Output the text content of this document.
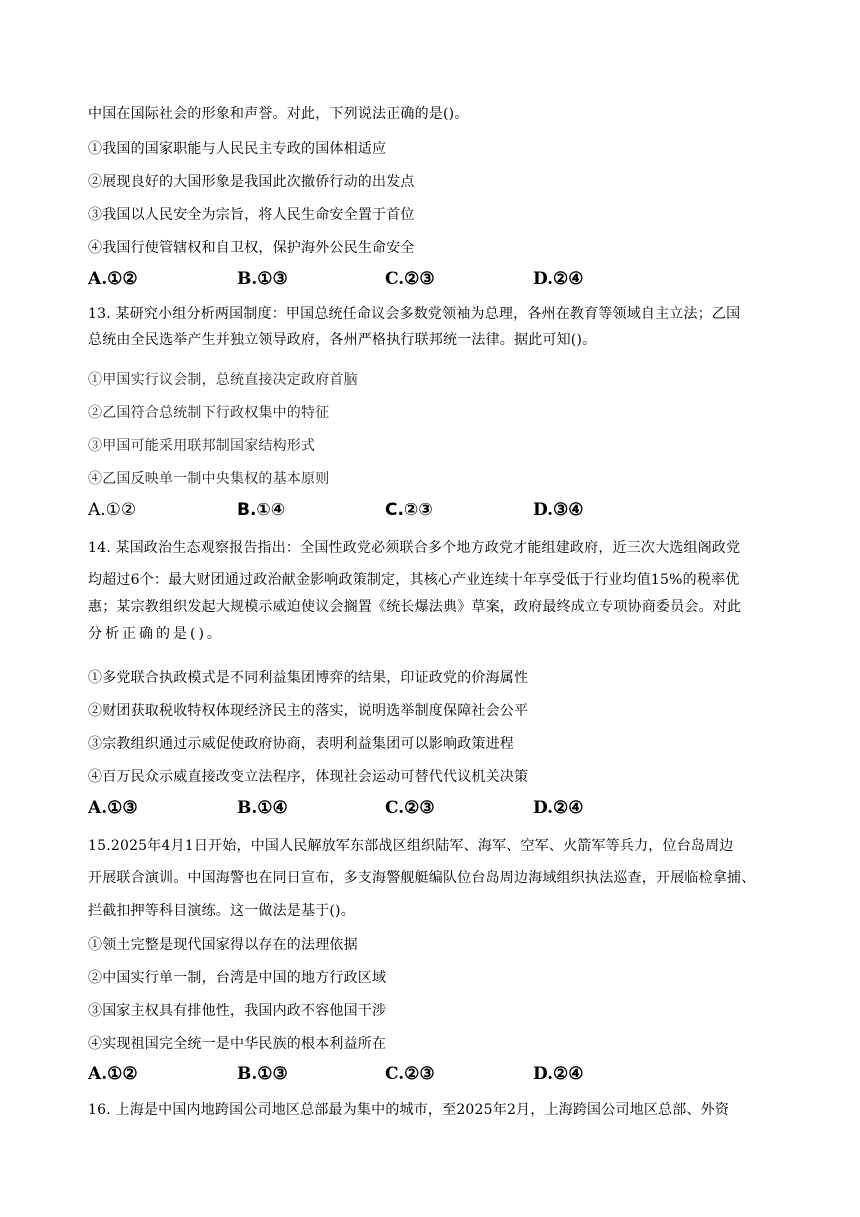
中国在国际社会的形象和声誉。对此，下列说法正确的是()。
①我国的国家职能与人民民主专政的国体相适应
②展现良好的大国形象是我国此次撤侨行动的出发点
③我国以人民安全为宗旨，将人民生命安全置于首位
④我国行使管辖权和自卫权，保护海外公民生命安全
A.①②	B.①③	C.②③	D.②④
13. 某研究小组分析两国制度：甲国总统任命议会多数党领袖为总理，各州在教育等领域自主立法；乙国
总统由全民选举产生并独立领导政府，各州严格执行联邦统一法律。据此可知()。
①甲国实行议会制，总统直接决定政府首脑
②乙国符合总统制下行政权集中的特征
③甲国可能采用联邦制国家结构形式
④乙国反映单一制中央集权的基本原则
A.①②	B.①④	C.②③	D.③④
14. 某国政治生态观察报告指出：全国性政党必须联合多个地方政党才能组建政府，近三次大选组阁政党
均超过6个：最大财团通过政治献金影响政策制定，其核心产业连续十年享受低于行业均值15%的税率优
惠；某宗教组织发起大规模示威迫使议会搁置《统长爆法典》草案，政府最终成立专项协商委员会。对此
分析正确的是()。
①多党联合执政模式是不同利益集团博弈的结果，印证政党的价海属性
②财团获取税收特权体现经济民主的落实，说明选举制度保障社会公平
③宗教组织通过示威促使政府协商，表明利益集团可以影响政策进程
④百万民众示威直接改变立法程序，体现社会运动可替代代议机关决策
A.①③	B.①④	C.②③	D.②④
15.2025年4月1日开始，中国人民解放军东部战区组织陆军、海军、空军、火箭军等兵力，位台岛周边
开展联合演训。中国海警也在同日宣布，多支海警舰艇编队位台岛周边海域组织执法巡查，开展临检拿捕、
拦截扣押等科目演练。这一做法是基于()。
①领土完整是现代国家得以存在的法理依据
②中国实行单一制，台湾是中国的地方行政区域
③国家主权具有排他性，我国内政不容他国干涉
④实现祖国完全统一是中华民族的根本利益所在
A.①②	B.①③	C.②③	D.②④
16. 上海是中国内地跨国公司地区总部最为集中的城市，至2025年2月，上海跨国公司地区总部、外资
